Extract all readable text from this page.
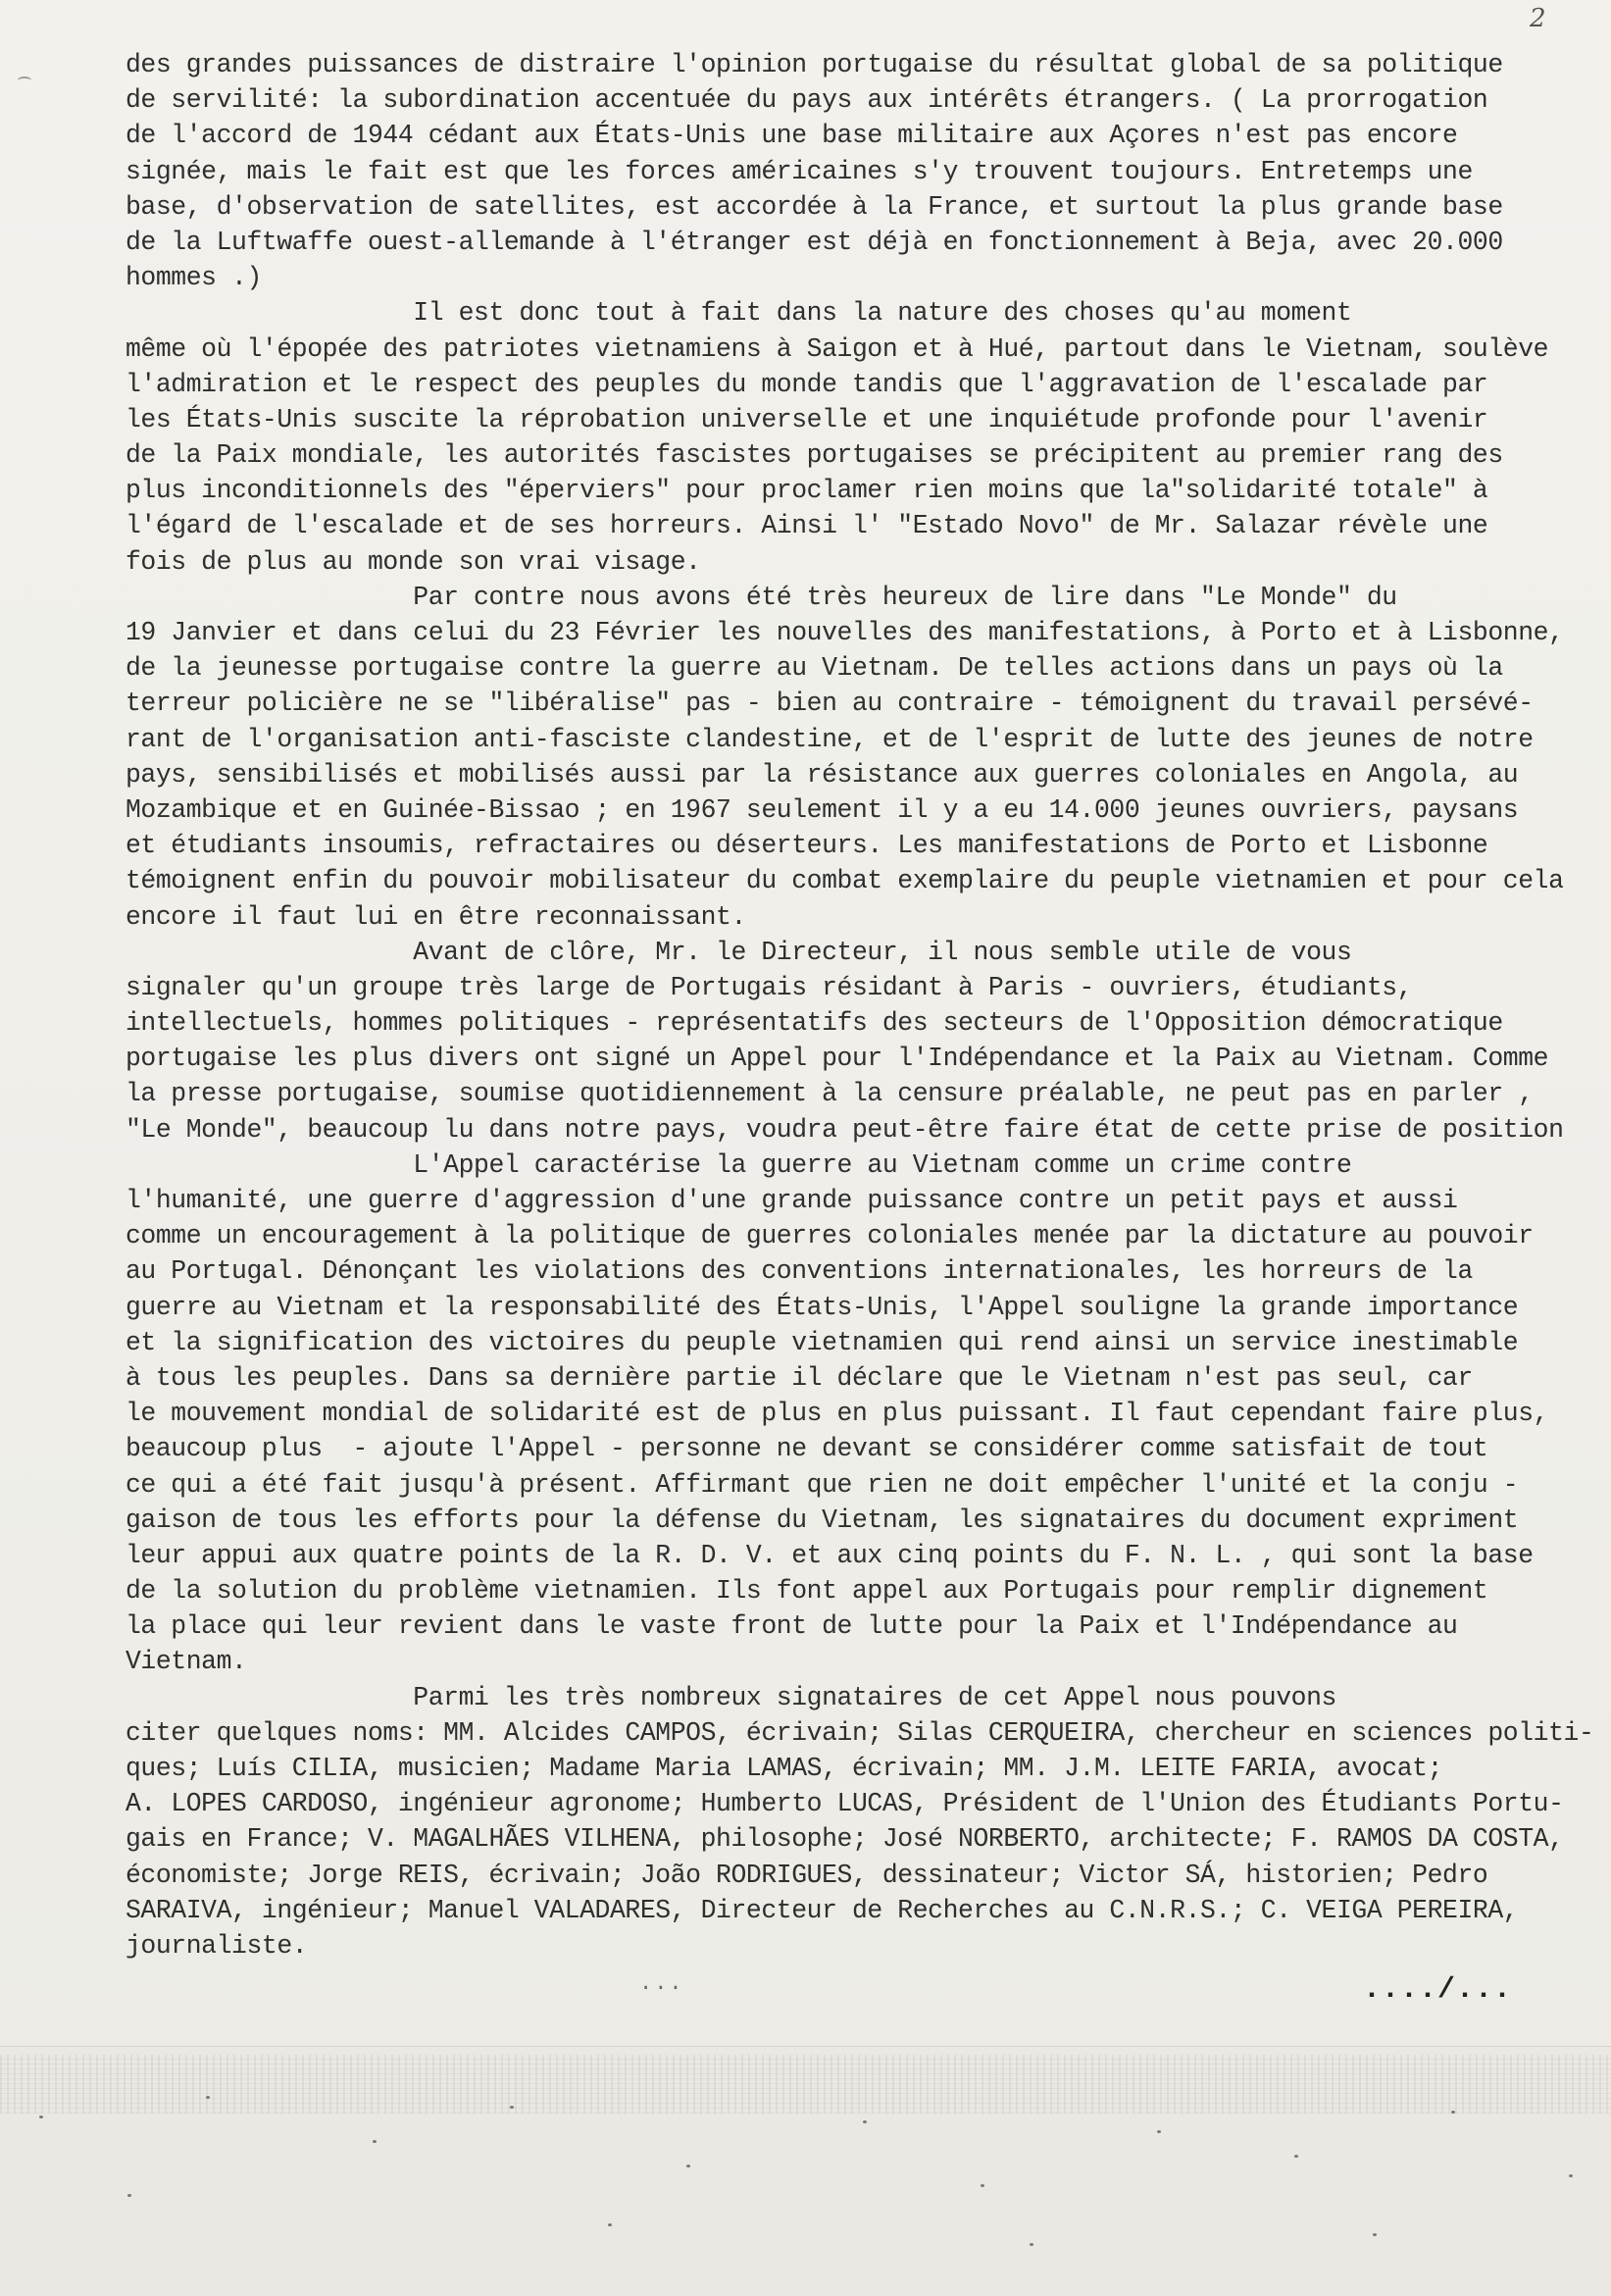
2
des grandes puissances de distraire l'opinion portugaise du résultat global de sa politique
de servilité: la subordination accentuée du pays aux intérêts étrangers. ( La prorrogation
de l'accord de 1944 cédant aux États-Unis une base militaire aux Açores n'est pas encore
signée, mais le fait est que les forces américaines s'y trouvent toujours. Entretemps une
base, d'observation de satellites, est accordée à la France, et surtout la plus grande base
de la Luftwaffe ouest-allemande à l'étranger est déjà en fonctionnement à Beja, avec 20.000
hommes .)
Il est donc tout à fait dans la nature des choses qu'au moment
même où l'épopée des patriotes vietnamiens à Saigon et à Hué, partout dans le Vietnam, soulève
l'admiration et le respect des peuples du monde tandis que l'aggravation de l'escalade par
les États-Unis suscite la réprobation universelle et une inquiétude profonde pour l'avenir
de la Paix mondiale, les autorités fascistes portugaises se précipitent au premier rang des
plus inconditionnels des "éperviers" pour proclamer rien moins que la"solidarité totale" à
l'égard de l'escalade et de ses horreurs. Ainsi l' "Estado Novo" de Mr. Salazar révèle une
fois de plus au monde son vrai visage.
Par contre nous avons été très heureux de lire dans "Le Monde" du
19 Janvier et dans celui du 23 Février les nouvelles des manifestations, à Porto et à Lisbonne,
de la jeunesse portugaise contre la guerre au Vietnam. De telles actions dans un pays où la
terreur policière ne se "libéralise" pas - bien au contraire - témoignent du travail persévé-
rant de l'organisation anti-fasciste clandestine, et de l'esprit de lutte des jeunes de notre
pays, sensibilisés et mobilisés aussi par la résistance aux guerres coloniales en Angola, au
Mozambique et en Guinée-Bissao ; en 1967 seulement il y a eu 14.000 jeunes ouvriers, paysans
et étudiants insoumis, refractaires ou déserteurs. Les manifestations de Porto et Lisbonne
témoignent enfin du pouvoir mobilisateur du combat exemplaire du peuple vietnamien et pour cela
encore il faut lui en être reconnaissant.
Avant de clôre, Mr. le Directeur, il nous semble utile de vous
signaler qu'un groupe très large de Portugais résidant à Paris - ouvriers, étudiants,
intellectuels, hommes politiques - représentatifs des secteurs de l'Opposition démocratique
portugaise les plus divers ont signé un Appel pour l'Indépendance et la Paix au Vietnam. Comme
la presse portugaise, soumise quotidiennement à la censure préalable, ne peut pas en parler ,
"Le Monde", beaucoup lu dans notre pays, voudra peut-être faire état de cette prise de position
L'Appel caractérise la guerre au Vietnam comme un crime contre
l'humanité, une guerre d'aggression d'une grande puissance contre un petit pays et aussi
comme un encouragement à la politique de guerres coloniales menée par la dictature au pouvoir
au Portugal. Dénonçant les violations des conventions internationales, les horreurs de la
guerre au Vietnam et la responsabilité des États-Unis, l'Appel souligne la grande importance
et la signification des victoires du peuple vietnamien qui rend ainsi un service inestimable
à tous les peuples. Dans sa dernière partie il déclare que le Vietnam n'est pas seul, car
le mouvement mondial de solidarité est de plus en plus puissant. Il faut cependant faire plus,
beaucoup plus  - ajoute l'Appel - personne ne devant se considérer comme satisfait de tout
ce qui a été fait jusqu'à présent. Affirmant que rien ne doit empêcher l'unité et la conju -
gaison de tous les efforts pour la défense du Vietnam, les signataires du document expriment
leur appui aux quatre points de la R. D. V. et aux cinq points du F. N. L. , qui sont la base
de la solution du problème vietnamien. Ils font appel aux Portugais pour remplir dignement
la place qui leur revient dans le vaste front de lutte pour la Paix et l'Indépendance au
Vietnam.
Parmi les très nombreux signataires de cet Appel nous pouvons
citer quelques noms: MM. Alcides CAMPOS, écrivain; Silas CERQUEIRA, chercheur en sciences politi-
ques; Luís CILIA, musicien; Madame Maria LAMAS, écrivain; MM. J.M. LEITE FARIA, avocat;
A. LOPES CARDOSO, ingénieur agronome; Humberto LUCAS, Président de l'Union des Étudiants Portu-
gais en France; V. MAGALHÃES VILHENA, philosophe; José NORBERTO, architecte; F. RAMOS DA COSTA,
économiste; Jorge REIS, écrivain; João RODRIGUES, dessinateur; Victor SÁ, historien; Pedro
SARAIVA, ingénieur; Manuel VALADARES, Directeur de Recherches au C.N.R.S.; C. VEIGA PEREIRA,
journaliste.
...	..../...
